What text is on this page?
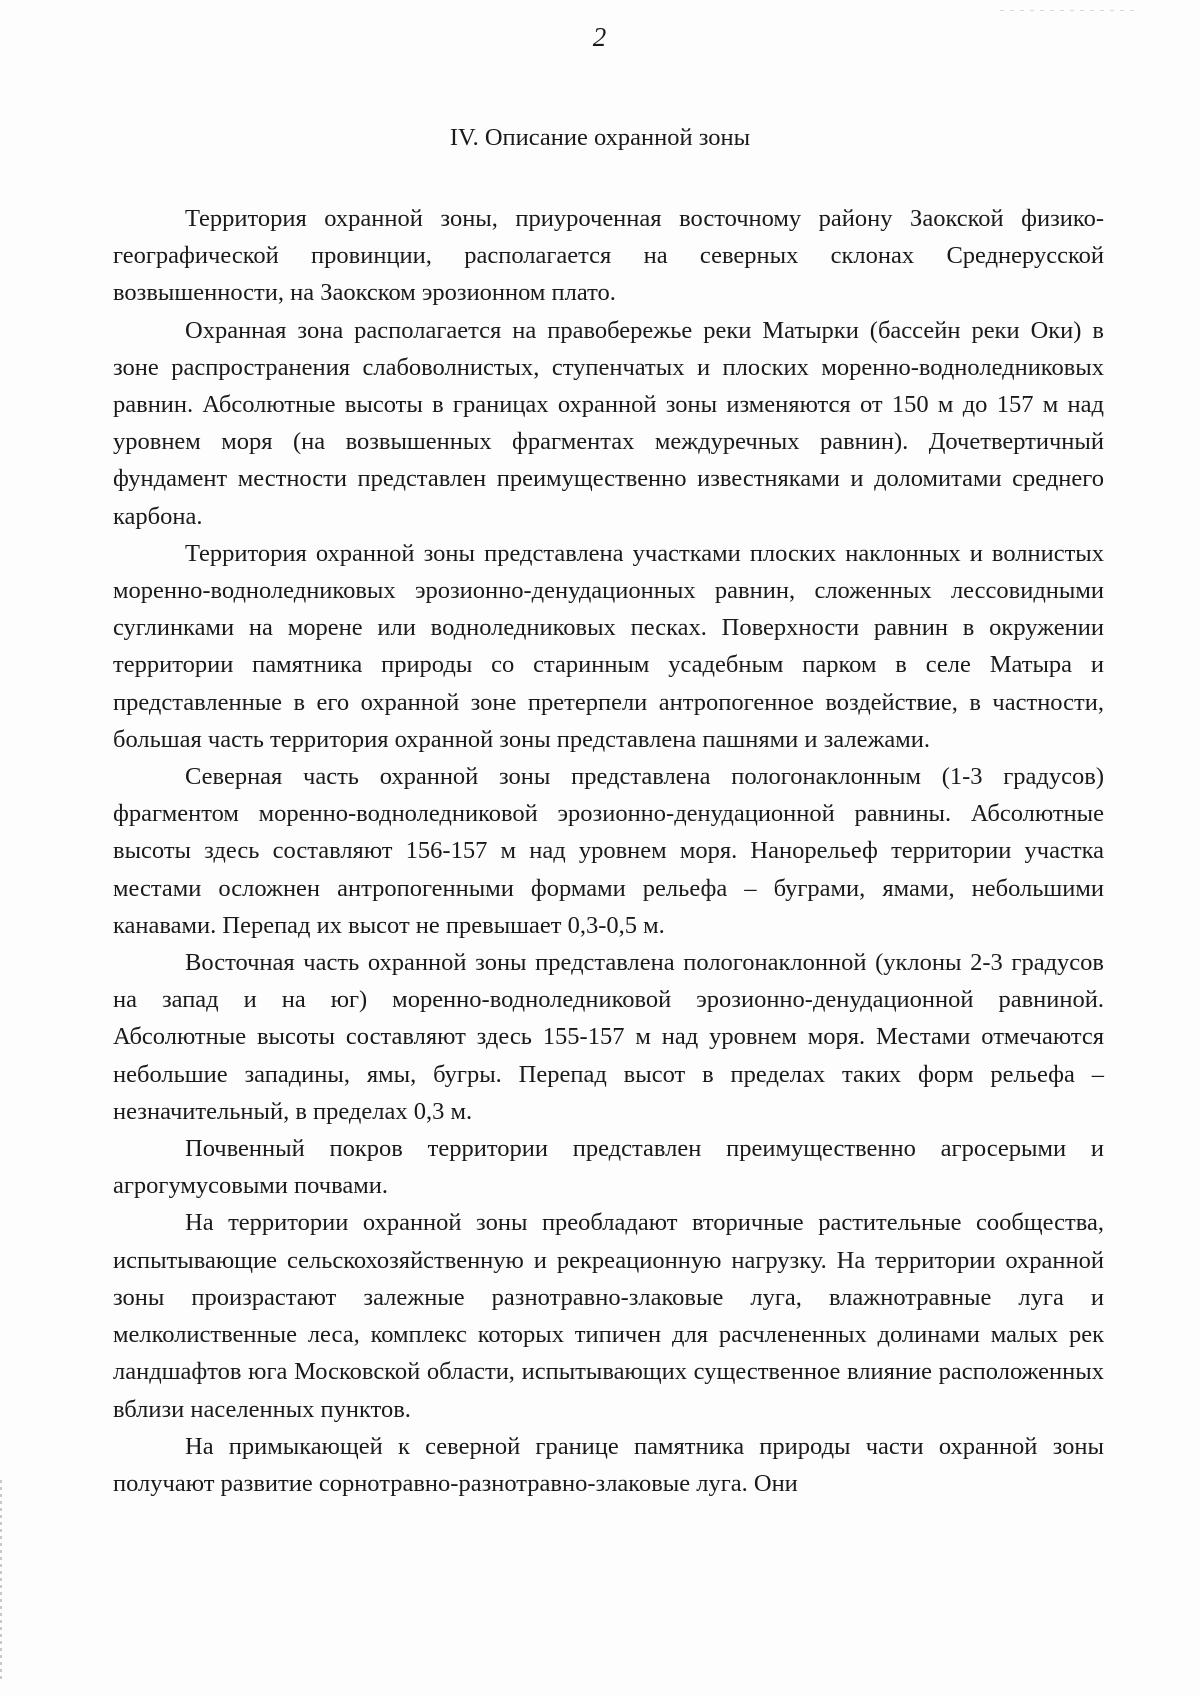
2
IV. Описание охранной зоны

Территория охранной зоны, приуроченная восточному району Заокской физико-географической провинции, располагается на северных склонах Среднерусской возвышенности, на Заокском эрозионном плато.

Охранная зона располагается на правобережье реки Матырки (бассейн реки Оки) в зоне распространения слабоволнистых, ступенчатых и плоских моренно-водноледниковых равнин. Абсолютные высоты в границах охранной зоны изменяются от 150 м до 157 м над уровнем моря (на возвышенных фрагментах междуречных равнин). Дочетвертичный фундамент местности представлен преимущественно известняками и доломитами среднего карбона.

Территория охранной зоны представлена участками плоских наклонных и волнистых моренно-водноледниковых эрозионно-денудационных равнин, сложенных лессовидными суглинками на морене или водноледниковых песках. Поверхности равнин в окружении территории памятника природы со старинным усадебным парком в селе Матыра и представленные в его охранной зоне претерпели антропогенное воздействие, в частности, большая часть территория охранной зоны представлена пашнями и залежами.

Северная часть охранной зоны представлена пологонаклонным (1-3 градусов) фрагментом моренно-водноледниковой эрозионно-денудационной равнины. Абсолютные высоты здесь составляют 156-157 м над уровнем моря. Нанорельеф территории участка местами осложнен антропогенными формами рельефа – буграми, ямами, небольшими канавами. Перепад их высот не превышает 0,3-0,5 м.

Восточная часть охранной зоны представлена пологонаклонной (уклоны 2-3 градусов на запад и на юг) моренно-водноледниковой эрозионно-денудационной равниной. Абсолютные высоты составляют здесь 155-157 м над уровнем моря. Местами отмечаются небольшие западины, ямы, бугры. Перепад высот в пределах таких форм рельефа – незначительный, в пределах 0,3 м.

Почвенный покров территории представлен преимущественно агросерыми и агрогумусовыми почвами.

На территории охранной зоны преобладают вторичные растительные сообщества, испытывающие сельскохозяйственную и рекреационную нагрузку. На территории охранной зоны произрастают залежные разнотравно-злаковые луга, влажнотравные луга и мелколиственные леса, комплекс которых типичен для расчлененных долинами малых рек ландшафтов юга Московской области, испытывающих существенное влияние расположенных вблизи населенных пунктов.

На примыкающей к северной границе памятника природы части охранной зоны получают развитие сорнотравно-разнотравно-злаковые луга. Они
